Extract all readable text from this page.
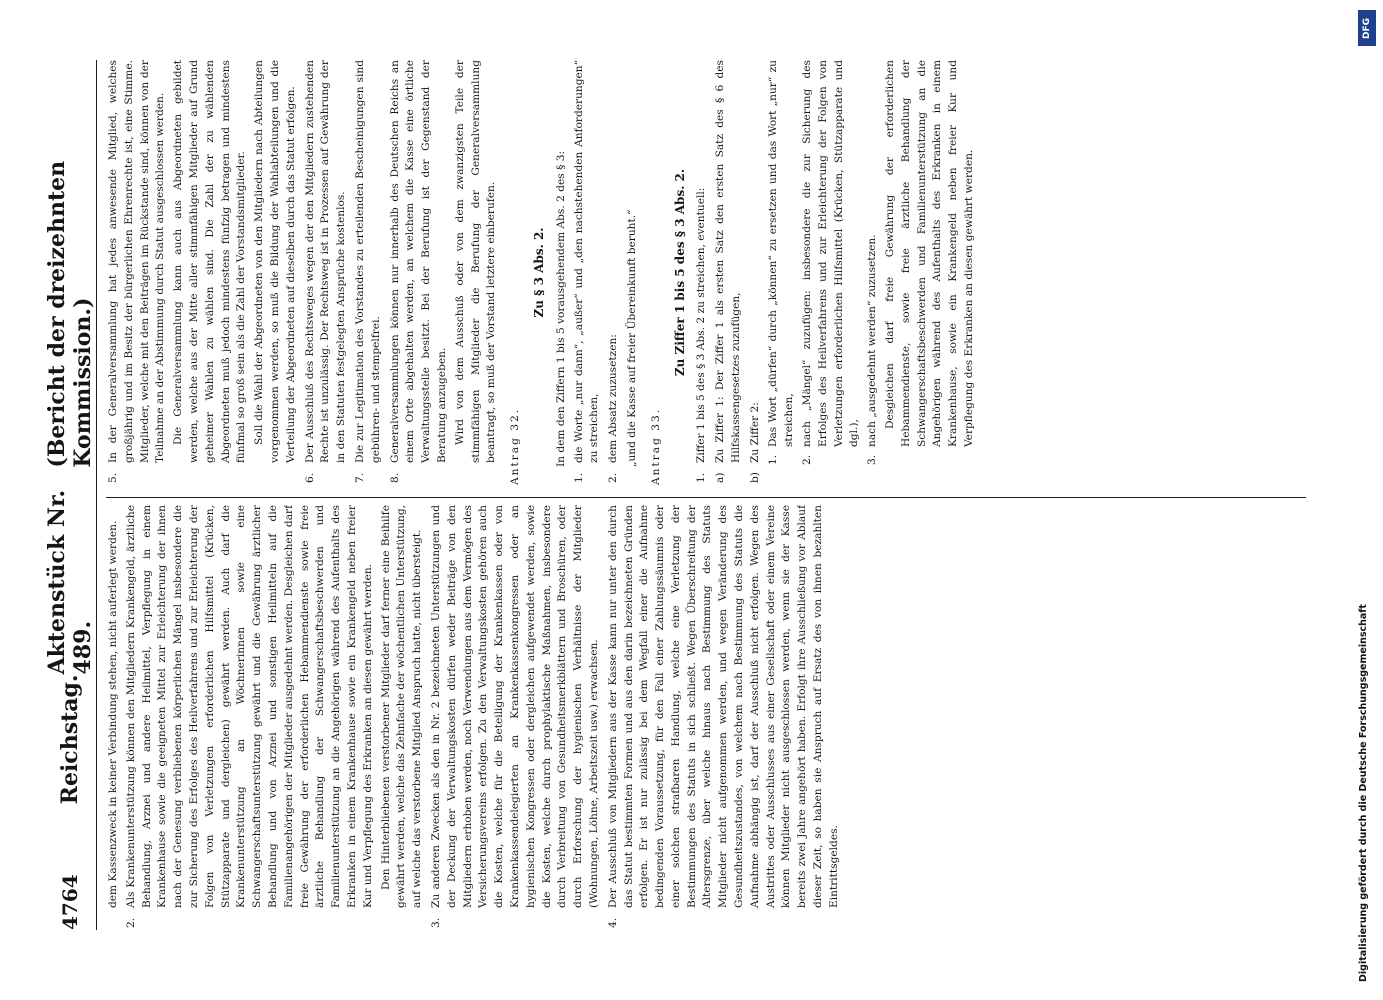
4764
Reichstag.
Aktenstück Nr. 489.
(Bericht der dreizehnten Kommission.)
dem Kassenzweck in keiner Verbindung stehen, nicht auferlegt werden.
2.
Als Krankenunterstützung können den Mitgliedern Krankengeld, ärztliche Behandlung, Arznei und andere Heilmittel, Verpflegung in einem Krankenhause sowie die geeigneten Mittel zur Erleichterung der ihnen nach der Genesung verbliebenen körperlichen Mängel insbesondere die zur Sicherung des Erfolges des Heilverfahrens und zur Erleichterung der Folgen von Verletzungen erforderlichen Hilfsmittel (Krücken, Stützapparate und dergleichen) gewährt werden. Auch darf die Krankenunterstützung an Wöchnerinnen sowie eine Schwangerschaftsunterstützung gewährt und die Gewährung ärztlicher Behandlung und von Arznei und sonstigen Heilmitteln auf die Familienangehörigen der Mitglieder ausgedehnt werden. Desgleichen darf freie Gewährung der erforderlichen Hebammendienste sowie freie ärztliche Behandlung der Schwangerschaftsbeschwerden und Familienunterstützung an die Angehörigen während des Aufenthalts des Erkranken in einem Krankenhause sowie ein Krankengeld neben freier Kur und Verpflegung des Erkranken an diesen gewährt werden. Den Hinterbliebenen verstorbener Mitglieder darf ferner eine Beihilfe gewährt werden, welche das Zehnfache der wöchentlichen Unterstützung, auf welche das verstorbene Mitglied Anspruch hatte, nicht übersteigt.
3.
Zu anderen Zwecken als den in Nr. 2 bezeichneten Unterstützungen und der Deckung der Verwaltungskosten dürfen weder Beiträge von den Mitgliedern erhoben werden, noch Verwendungen aus dem Vermögen des Versicherungsvereins erfolgen. Zu den Verwaltungskosten gehören auch die Kosten, welche für die Beteiligung der Krankenkassen oder von Krankenkassendelegierten an Krankenkassenkongressen oder an hygienischen Kongressen oder dergleichen aufgewendet werden, sowie die Kosten, welche durch prophylaktische Maßnahmen, insbesondere durch Verbreitung von Gesundheitsmerkblättern und Broschüren, oder durch Erforschung der hygienischen Verhältnisse der Mitglieder (Wohnungen, Löhne, Arbeitszeit usw.) erwachsen.
4.
Der Ausschluß von Mitgliedern aus der Kasse kann nur unter den durch das Statut bestimmten Formen und aus den darin bezeichneten Gründen erfolgen. Er ist nur zulässig bei dem Wegfall einer die Aufnahme bedingenden Voraussetzung, für den Fall einer Zahlungssäumnis oder einer solchen strafbaren Handlung, welche eine Verletzung der Bestimmungen des Statuts in sich schließt. Wegen Überschreitung der Altersgrenze, über welche hinaus nach Bestimmung des Statuts Mitglieder nicht aufgenommen werden, und wegen Veränderung des Gesundheitszustandes, von welchem nach Bestimmung des Statuts die Aufnahme abhängig ist, darf der Ausschluß nicht erfolgen. Wegen des Austrittes oder Ausschlusses aus einer Gesellschaft oder einem Vereine können Mitglieder nicht ausgeschlossen werden, wenn sie der Kasse bereits zwei Jahre angehört haben. Erfolgt ihre Ausschließung vor Ablauf dieser Zeit, so haben sie Anspruch auf Ersatz des von ihnen bezahlten Eintrittsgeldes.
5.
In der Generalversammlung hat jedes anwesende Mitglied, welches großjährig und im Besitz der bürgerlichen Ehrenrechte ist, eine Stimme. Mitglieder, welche mit den Beiträgen im Rückstande sind, können von der Teilnahme an der Abstimmung durch Statut ausgeschlossen werden. Die Generalversammlung kann auch aus Abgeordneten gebildet werden, welche aus der Mitte aller stimmfähigen Mitglieder auf Grund geheimer Wahlen zu wählen sind. Die Zahl der zu wählenden Abgeordneten muß jedoch mindestens fünfzig betragen und mindestens fünfmal so groß sein als die Zahl der Vorstandsmitglieder. Soll die Wahl der Abgeordneten von den Mitgliedern nach Abteilungen vorgenommen werden, so muß die Bildung der Wahlabteilungen und die Verteilung der Abgeordneten auf dieselben durch das Statut erfolgen.
6.
Der Ausschluß des Rechtsweges wegen der den Mitgliedern zustehenden Rechte ist unzulässig. Der Rechtsweg ist in Prozessen auf Gewährung der in den Statuten festgelegten Ansprüche kostenlos.
7.
Die zur Legitimation des Vorstandes zu erteilenden Bescheinigungen sind gebühren- und stempelfrei.
8.
Generalversammlungen können nur innerhalb des Deutschen Reichs an einem Orte abgehalten werden, an welchem die Kasse eine örtliche Verwaltungsstelle besitzt. Bei der Berufung ist der Gegenstand der Beratung anzugeben. Wird von dem Ausschuß oder von dem zwanzigsten Teile der stimmfähigen Mitglieder die Berufung der Generalversammlung beantragt, so muß der Vorstand letztere einberufen. Antrag 32.
Zu § 3 Abs. 2. In dem den Ziffern 1 bis 5 vorausgehendem Abs. 2 des § 3:
1.
die Worte „nur dann“, „außer“ und „den nachstehenden Anforderungen“ zu streichen,
2.
dem Absatz zuzusetzen: „und die Kasse auf freier Übereinkunft beruht.“ Antrag 33.
Zu Ziffer 1 bis 5 des § 3 Abs. 2.
1.
Ziffer 1 bis 5 des § 3 Abs. 2 zu streichen, eventuell:
a)
Zu Ziffer 1: Der Ziffer 1 als ersten Satz den ersten Satz des § 6 des Hilfskassengesetzes zuzufügen,
b)
Zu Ziffer 2: 1.
Das Wort „dürfen“ durch „können“ zu ersetzen und das Wort „nur“ zu streichen,
2.
nach „Mängel“ zuzufügen: insbesondere die zur Sicherung des Erfolges des Heilverfahrens und zur Erleichterung der Folgen von Verletzungen erforderlichen Hilfsmittel (Krücken, Stützapparate und dgl.),
3.
nach „ausgedehnt werden“ zuzusetzen. Desgleichen darf freie Gewährung der erforderlichen Hebammendienste, sowie freie ärztliche Behandlung der Schwangerschaftsbeschwerden und Familienunterstützung an die Angehörigen während des Aufenthalts des Erkranken in einem Krankenhause, sowie ein Krankengeld neben freier Kur und Verpflegung des Erkranken an diesen gewährt werden.
DFG
Digitalisierung gefördert durch die Deutsche Forschungsgemeinschaft
